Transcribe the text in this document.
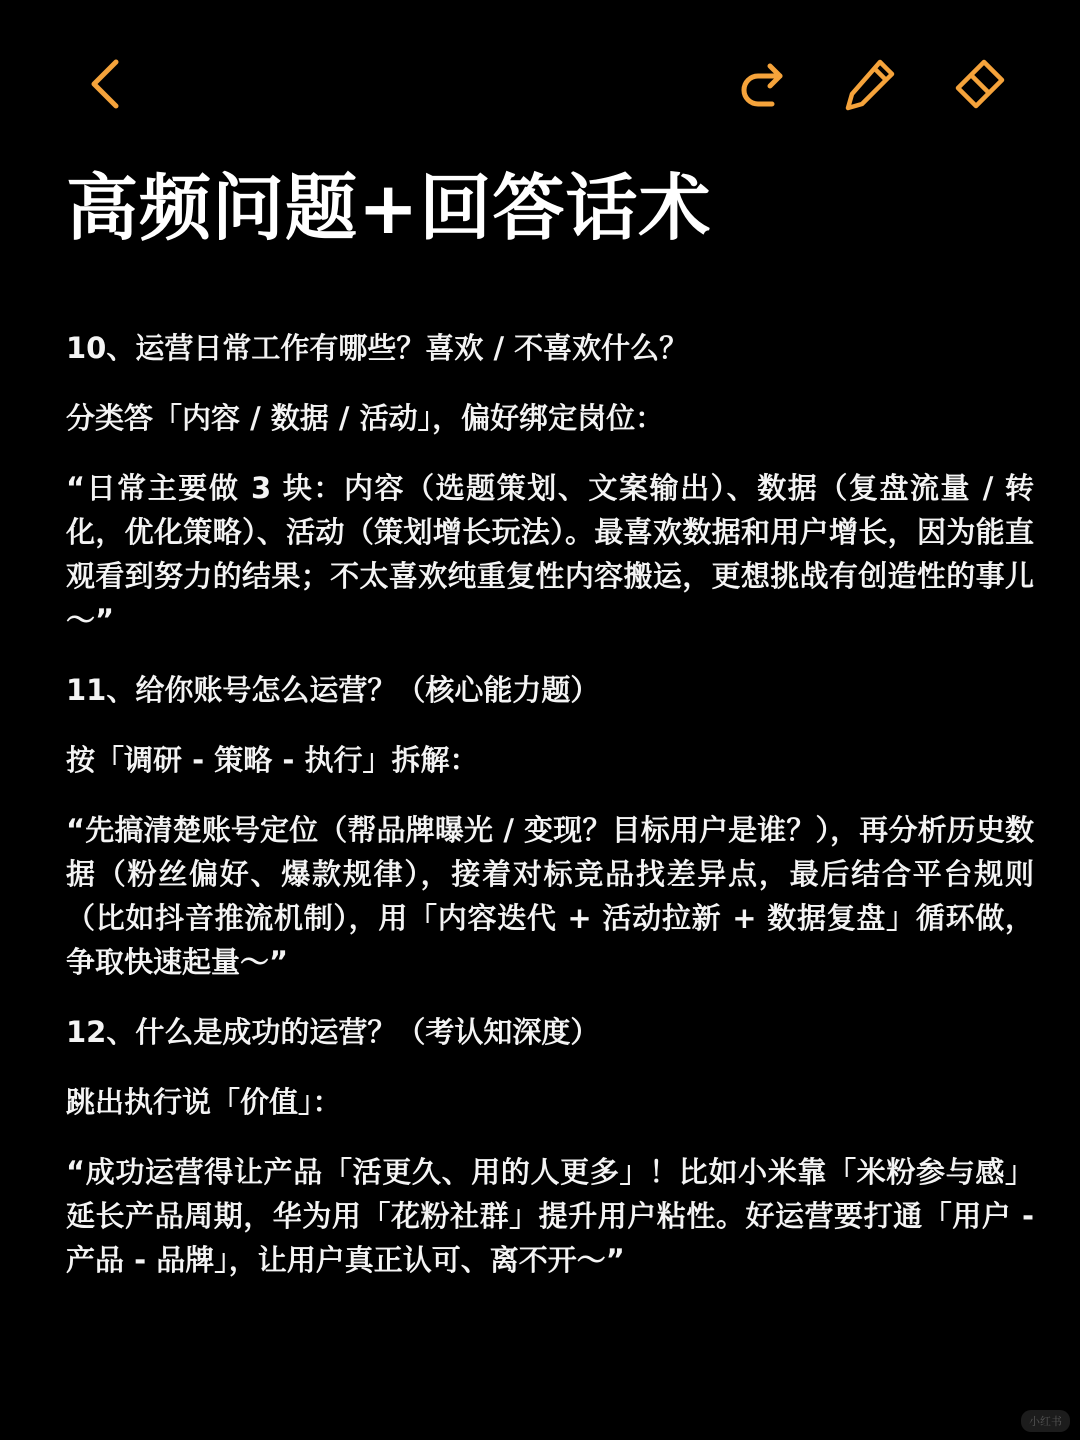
高频问题+回答话术

10、运营日常工作有哪些？喜欢 / 不喜欢什么？

分类答「内容 / 数据 / 活动」，偏好绑定岗位：

“日常主要做 3 块：内容（选题策划、文案输出）、数据（复盘流量 / 转化，优化策略）、活动（策划增长玩法）。最喜欢数据和用户增长，因为能直观看到努力的结果；不太喜欢纯重复性内容搬运，更想挑战有创造性的事儿～”

11、给你账号怎么运营？（核心能力题）

按「调研 - 策略 - 执行」拆解：

“先搞清楚账号定位（帮品牌曝光 / 变现？目标用户是谁？），再分析历史数据（粉丝偏好、爆款规律），接着对标竞品找差异点，最后结合平台规则（比如抖音推流机制），用「内容迭代 + 活动拉新 + 数据复盘」循环做，争取快速起量～”

12、什么是成功的运营？（考认知深度）

跳出执行说「价值」：

“成功运营得让产品「活更久、用的人更多」！比如小米靠「米粉参与感」延长产品周期，华为用「花粉社群」提升用户粘性。好运营要打通「用户 - 产品 - 品牌」，让用户真正认可、离不开～”

小红书
